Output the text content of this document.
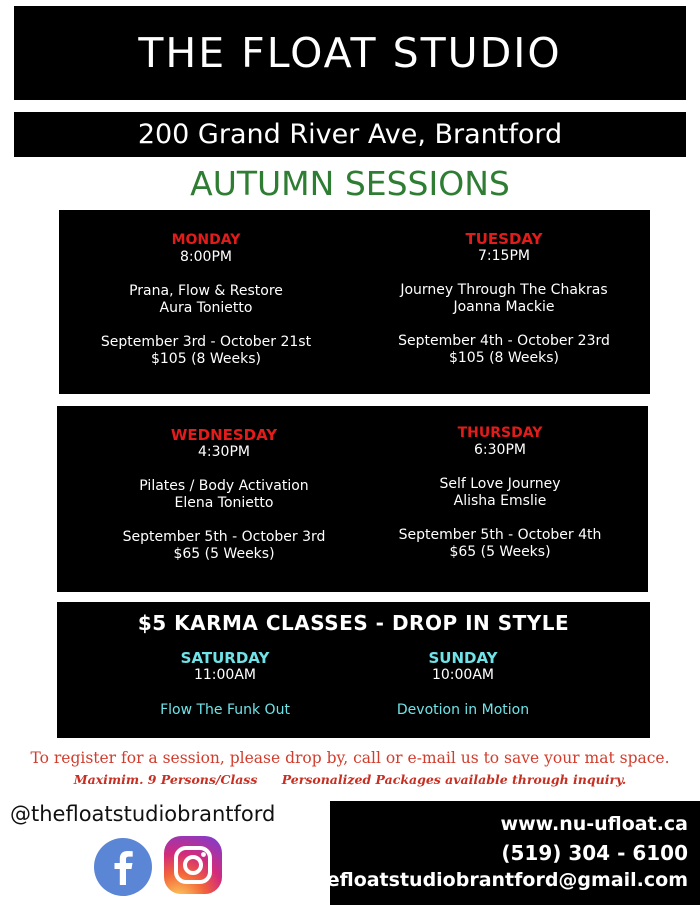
THE FLOAT STUDIO
200 Grand River Ave, Brantford
AUTUMN SESSIONS
MONDAY
8:00PM
Prana, Flow & Restore
Aura Tonietto
September 3rd - October 21st
$105 (8 Weeks)
TUESDAY
7:15PM
Journey Through The Chakras
Joanna Mackie
September 4th - October 23rd
$105 (8 Weeks)
WEDNESDAY
4:30PM
Pilates / Body Activation
Elena Tonietto
September 5th - October 3rd
$65 (5 Weeks)
THURSDAY
6:30PM
Self Love Journey
Alisha Emslie
September 5th - October 4th
$65 (5 Weeks)
$5 KARMA CLASSES - DROP IN STYLE
SATURDAY
11:00AM
Flow The Funk Out
SUNDAY
10:00AM
Devotion in Motion
To register for a session, please drop by, call or e-mail us to save your mat space.
Maximim. 9 Persons/Class Personalized Packages available through inquiry.
@thefloatstudiobrantford	www.nu-ufloat.ca
(519) 304 - 6100
thefloatstudiobrantford@gmail.com
